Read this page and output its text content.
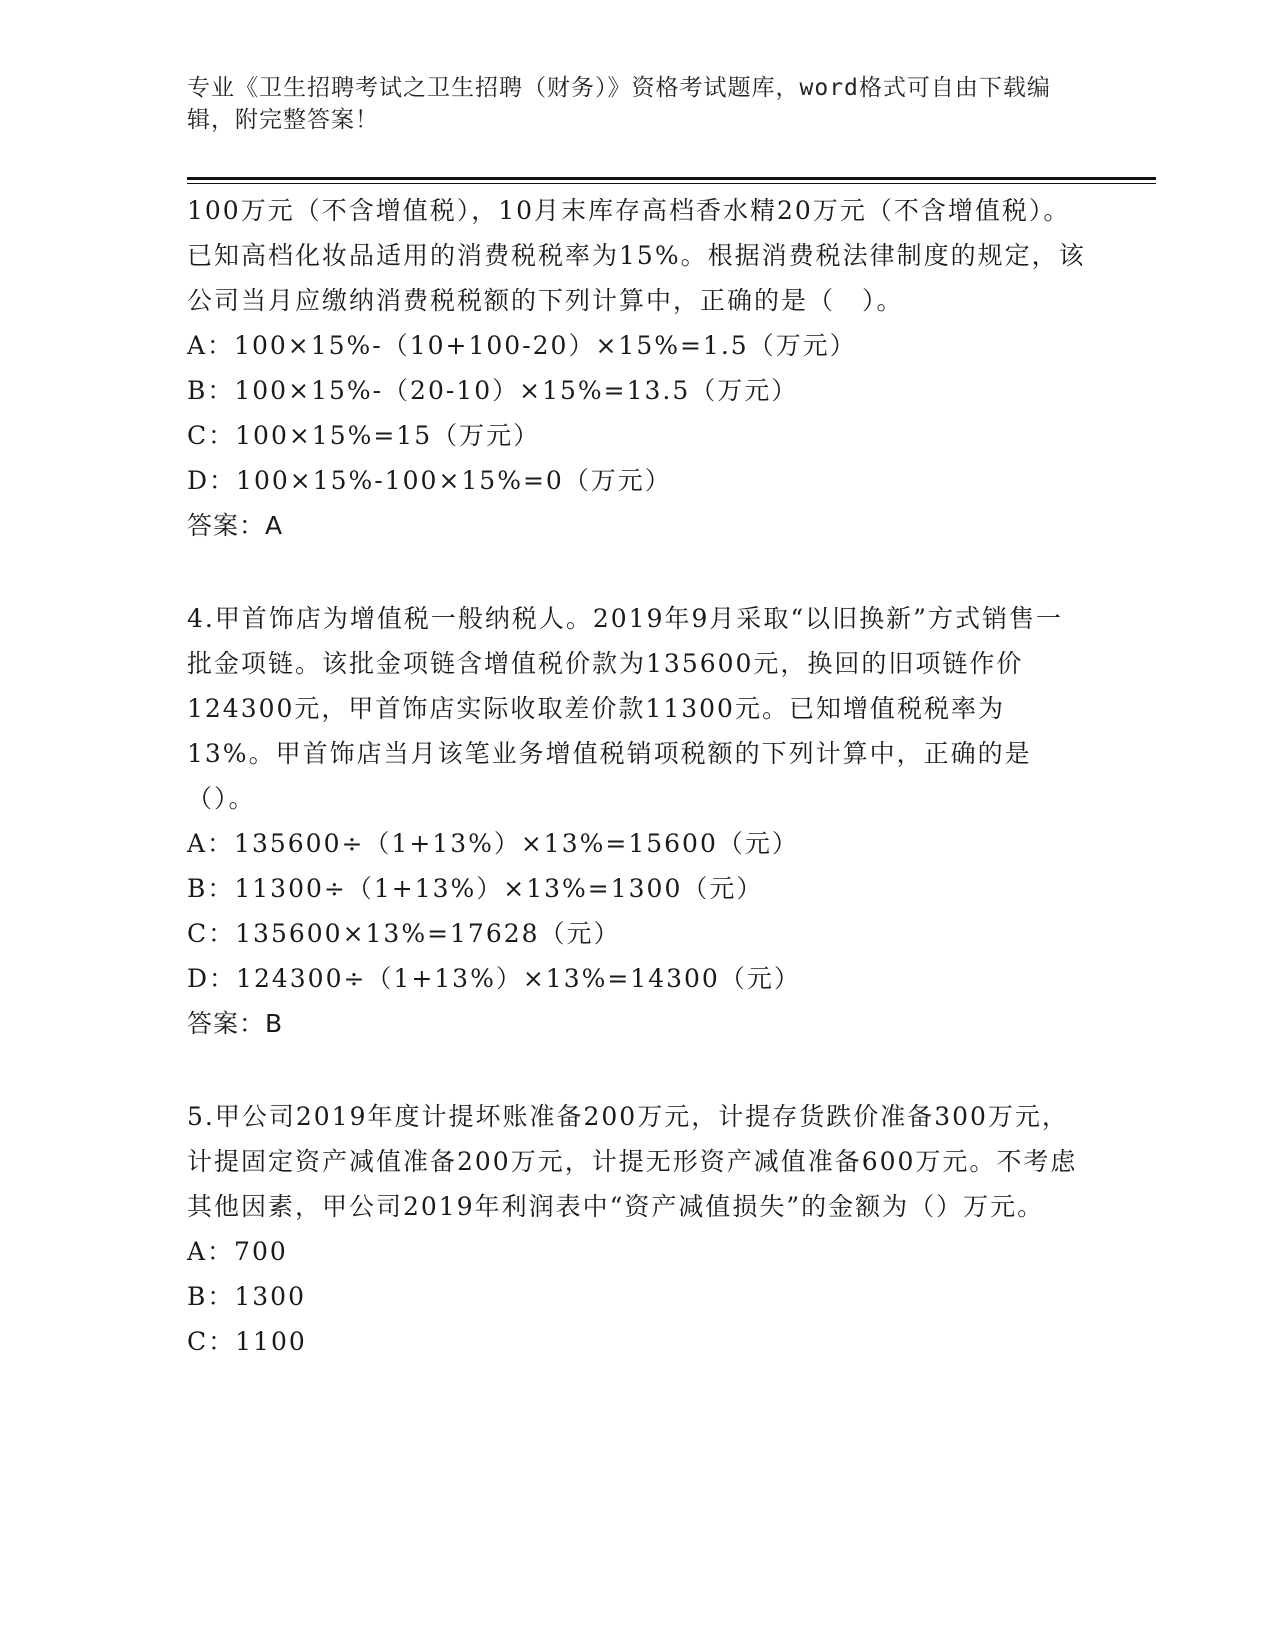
专业《卫生招聘考试之卫生招聘（财务）》资格考试题库，word格式可自由下载编辑，附完整答案！

100万元（不含增值税），10月末库存高档香水精20万元（不含增值税）。已知高档化妆品适用的消费税税率为15%。根据消费税法律制度的规定，该公司当月应缴纳消费税税额的下列计算中，正确的是（　）。

A：100×15%-（10+100-20）×15%=1.5（万元）

B：100×15%-（20-10）×15%=13.5（万元）

C：100×15%=15（万元）

D：100×15%-100×15%=0（万元）

答案：A

4.甲首饰店为增值税一般纳税人。2019年9月采取“以旧换新”方式销售一批金项链。该批金项链含增值税价款为135600元，换回的旧项链作价124300元，甲首饰店实际收取差价款11300元。已知增值税税率为13%。甲首饰店当月该笔业务增值税销项税额的下列计算中，正确的是（）。

A：135600÷（1+13%）×13%=15600（元）

B：11300÷（1+13%）×13%=1300（元）

C：135600×13%=17628（元）

D：124300÷（1+13%）×13%=14300（元）

答案：B

5.甲公司2019年度计提坏账准备200万元，计提存货跌价准备300万元，计提固定资产减值准备200万元，计提无形资产减值准备600万元。不考虑其他因素，甲公司2019年利润表中“资产减值损失”的金额为（）万元。

A：700

B：1300

C：1100
